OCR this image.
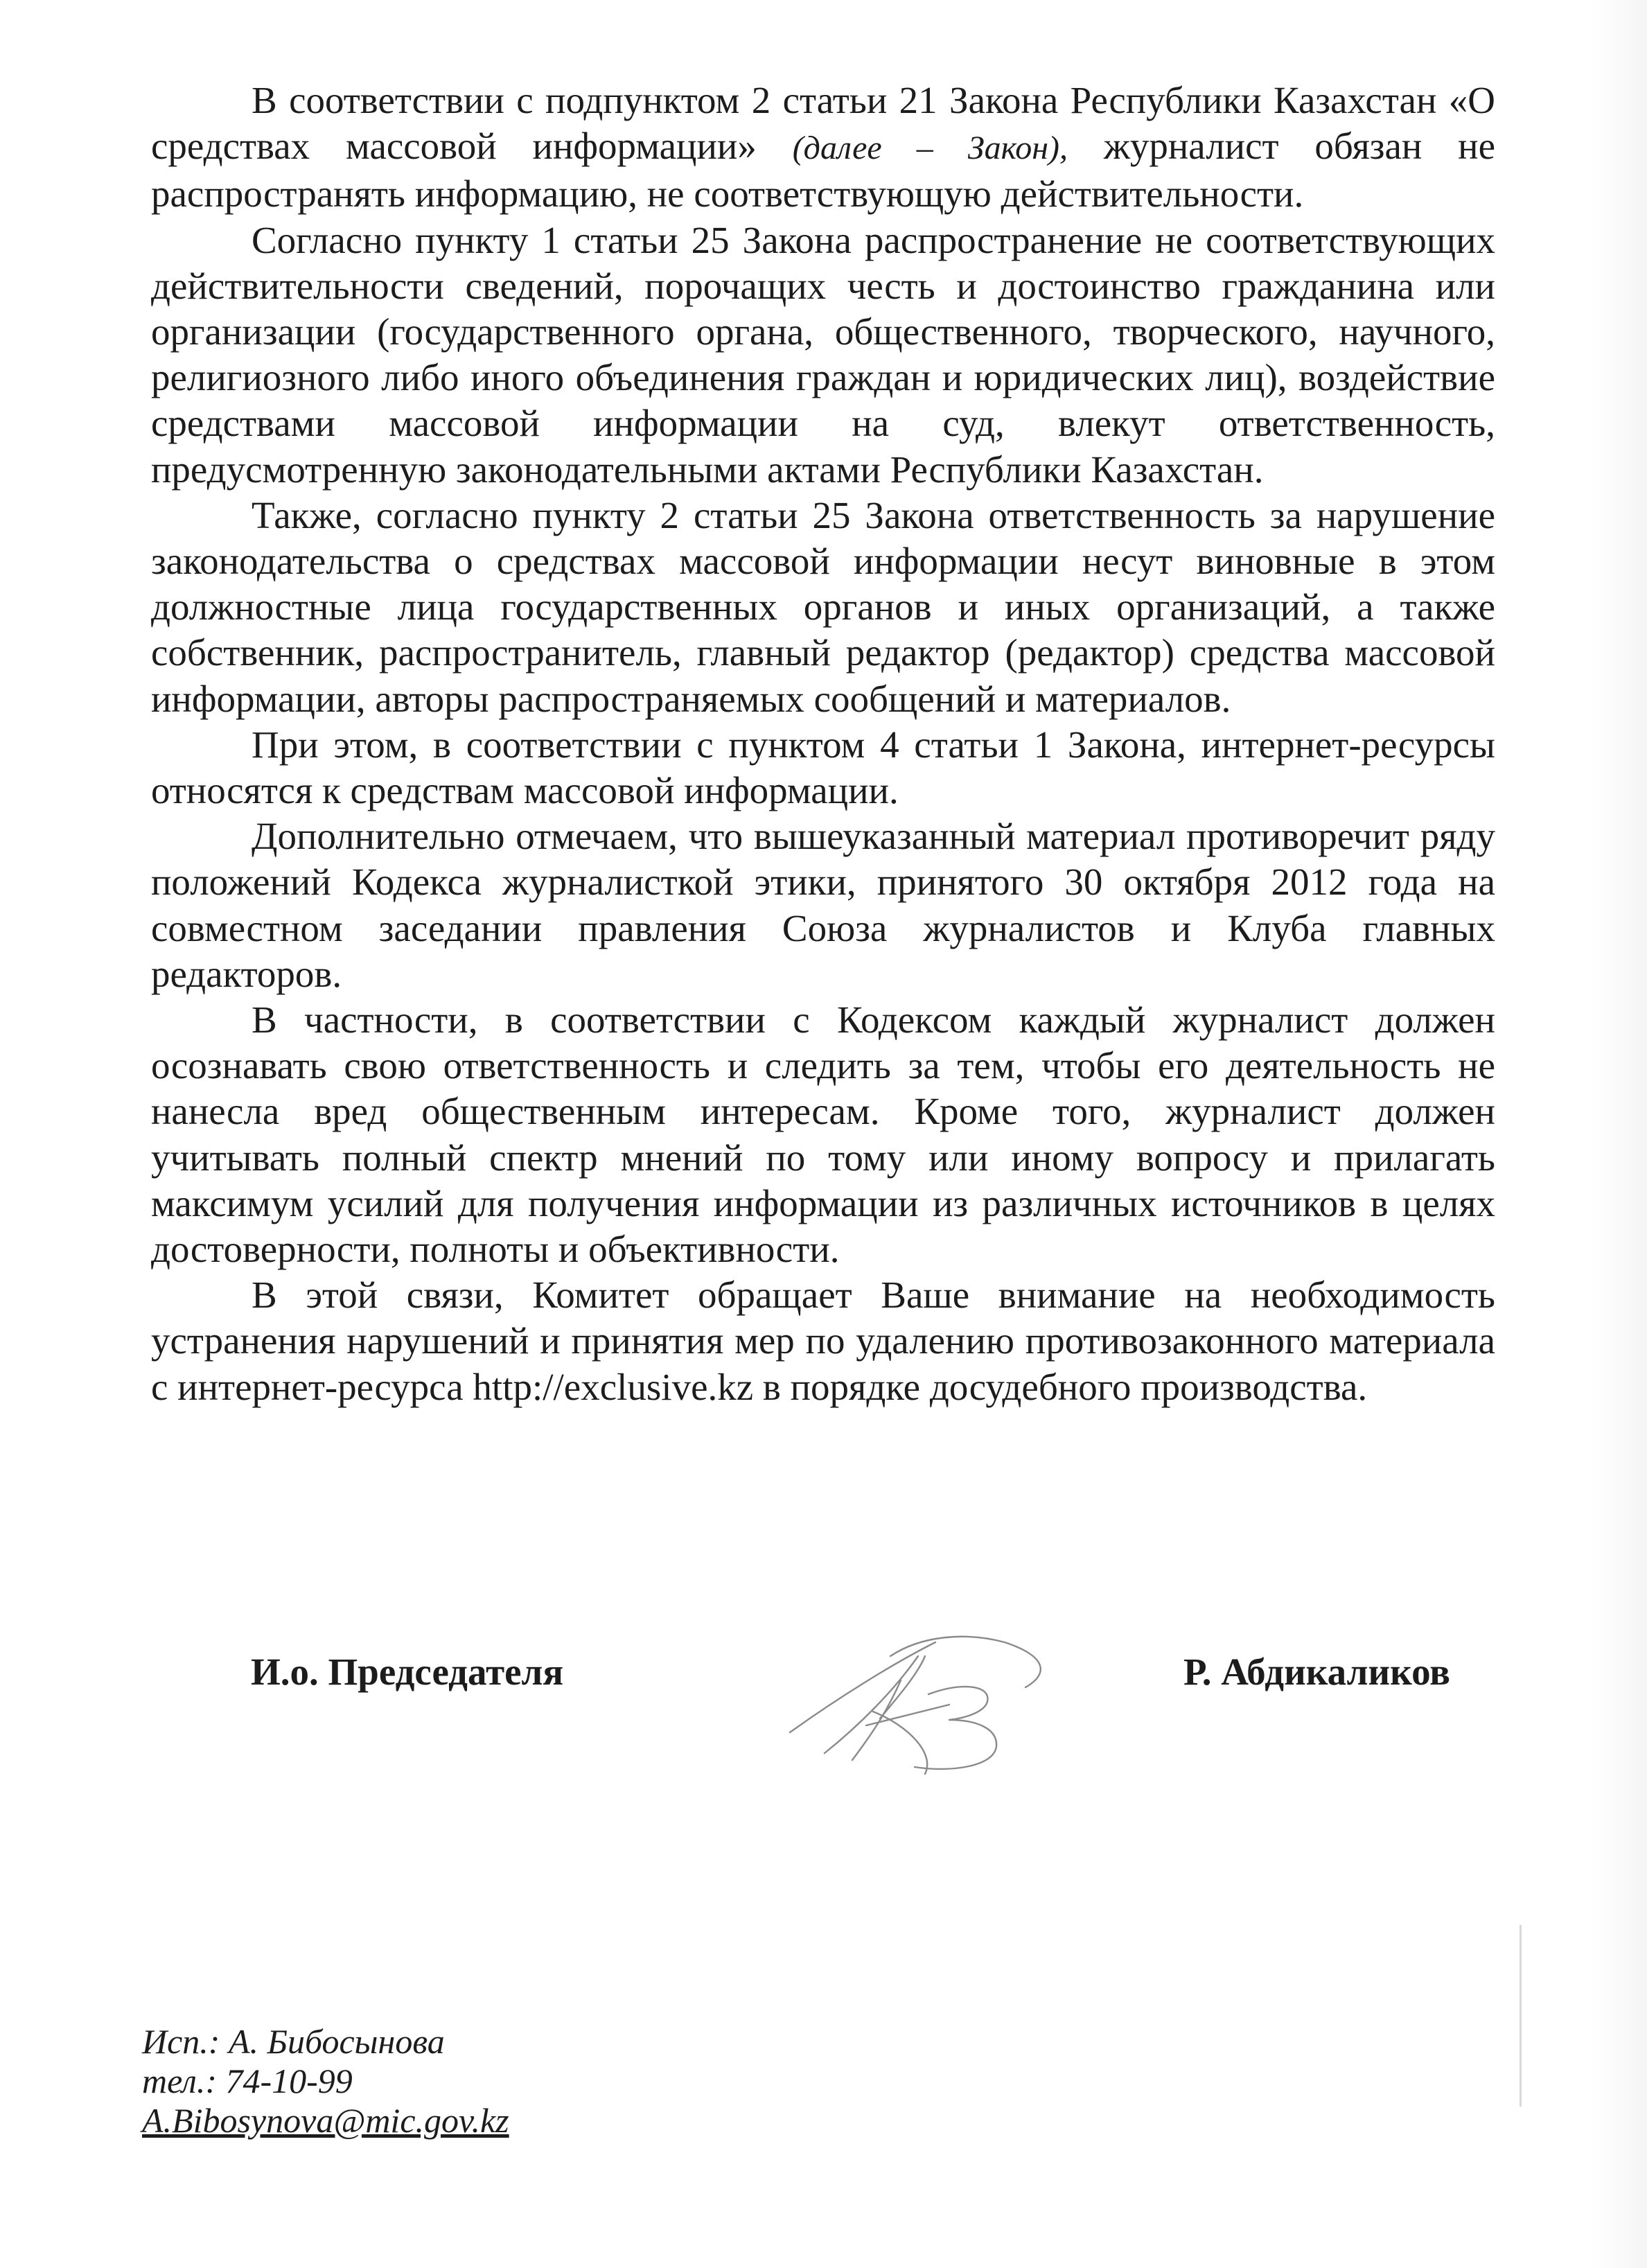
В соответствии с подпунктом 2 статьи 21 Закона Республики Казахстан «О средствах массовой информации» (далее – Закон), журналист обязан не распространять информацию, не соответствующую действительности.

Согласно пункту 1 статьи 25 Закона распространение не соответствующих действительности сведений, порочащих честь и достоинство гражданина или организации (государственного органа, общественного, творческого, научного, религиозного либо иного объединения граждан и юридических лиц), воздействие средствами массовой информации на суд, влекут ответственность, предусмотренную законодательными актами Республики Казахстан.

Также, согласно пункту 2 статьи 25 Закона ответственность за нарушение законодательства о средствах массовой информации несут виновные в этом должностные лица государственных органов и иных организаций, а также собственник, распространитель, главный редактор (редактор) средства массовой информации, авторы распространяемых сообщений и материалов.

При этом, в соответствии с пунктом 4 статьи 1 Закона, интернет-ресурсы относятся к средствам массовой информации.

Дополнительно отмечаем, что вышеуказанный материал противоречит ряду положений Кодекса журналисткой этики, принятого 30 октября 2012 года на совместном заседании правления Союза журналистов и Клуба главных редакторов.

В частности, в соответствии с Кодексом каждый журналист должен осознавать свою ответственность и следить за тем, чтобы его деятельность не нанесла вред общественным интересам. Кроме того, журналист должен учитывать полный спектр мнений по тому или иному вопросу и прилагать максимум усилий для получения информации из различных источников в целях достоверности, полноты и объективности.

В этой связи, Комитет обращает Ваше внимание на необходимость устранения нарушений и принятия мер по удалению противозаконного материала с интернет-ресурса http://exclusive.kz в порядке досудебного производства.

И.о. Председателя	Р. Абдикаликов
Исп.: А. Бибосынова
тел.: 74-10-99
A.Bibosynova@mic.gov.kz
